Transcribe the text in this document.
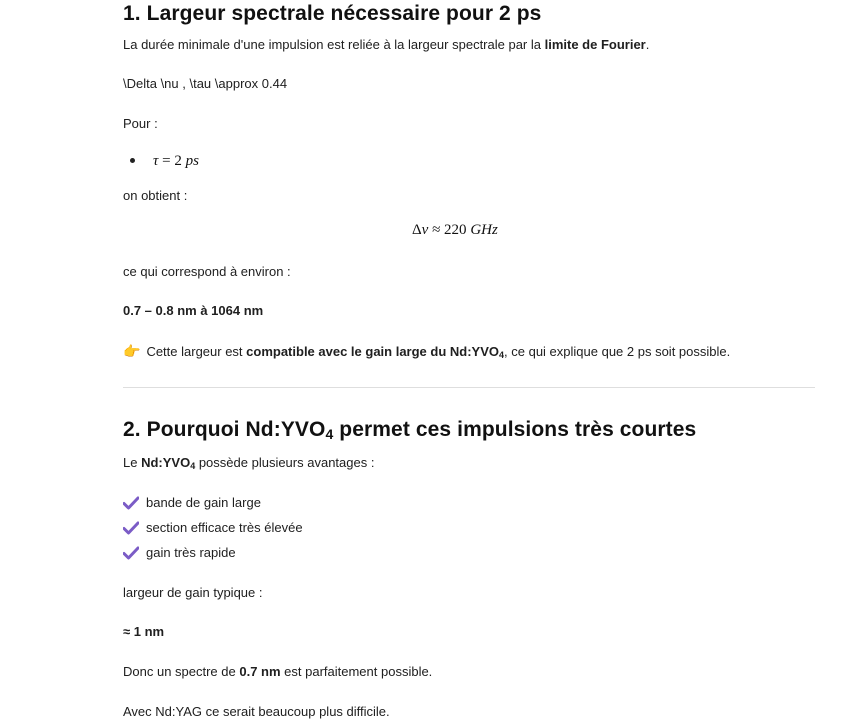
1. Largeur spectrale nécessaire pour 2 ps

La durée minimale d'une impulsion est reliée à la largeur spectrale par la limite de Fourier.

\Delta \nu , \tau \approx 0.44

Pour :

τ = 2 ps

on obtient :

Δν ≈ 220 GHz

ce qui correspond à environ :

0.7 – 0.8 nm à 1064 nm

👉 Cette largeur est compatible avec le gain large du $Nd:YVO_4$, ce qui explique que 2 ps soit possible.

2. Pourquoi $Nd:YVO_4$ permet ces impulsions très courtes

Le $Nd:YVO_4$ possède plusieurs avantages :

bande de gain large
section efficace très élevée
gain très rapide

largeur de gain typique :

≈ 1 nm

Donc un spectre de 0.7 nm est parfaitement possible.

Avec Nd:YAG ce serait beaucoup plus difficile.
